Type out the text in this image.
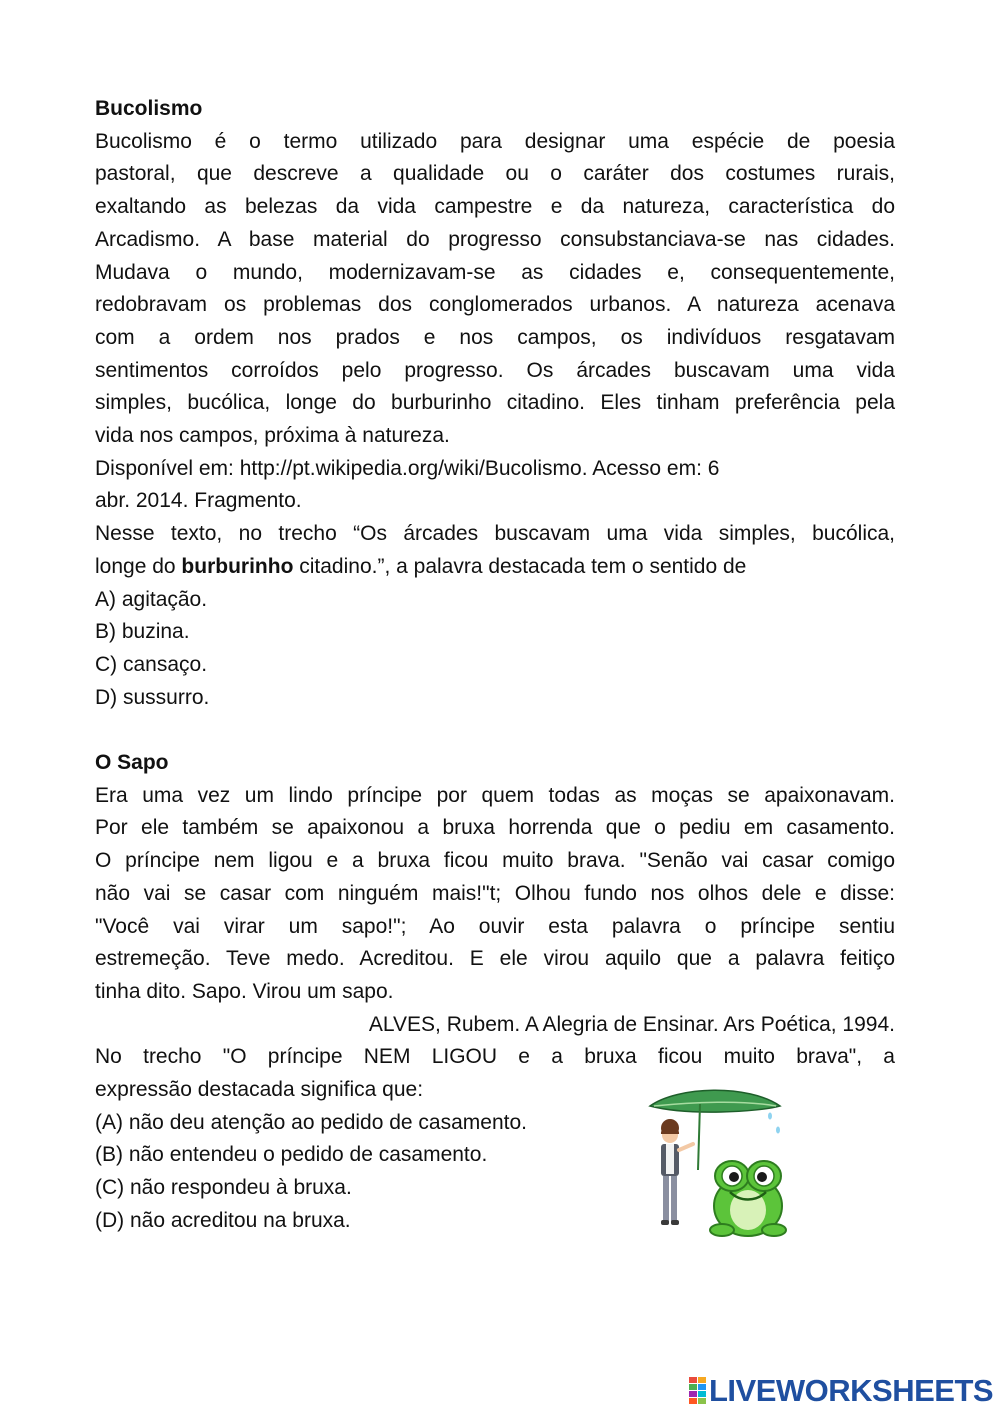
Bucolismo
Bucolismo é o termo utilizado para designar uma espécie de poesia
pastoral, que descreve a qualidade ou o caráter dos costumes rurais,
exaltando as belezas da vida campestre e da natureza, característica do
Arcadismo. A base material do progresso consubstanciava-se nas cidades.
Mudava o mundo, modernizavam-se as cidades e, consequentemente,
redobravam os problemas dos conglomerados urbanos. A natureza acenava
com a ordem nos prados e nos campos, os indivíduos resgatavam
sentimentos corroídos pelo progresso. Os árcades buscavam uma vida
simples, bucólica, longe do burburinho citadino. Eles tinham preferência pela
vida nos campos, próxima à natureza.
Disponível em: http://pt.wikipedia.org/wiki/Bucolismo. Acesso em: 6
abr. 2014. Fragmento.
Nesse texto, no trecho “Os árcades buscavam uma vida simples, bucólica,
longe do burburinho citadino.”, a palavra destacada tem o sentido de
A) agitação.
B) buzina.
C) cansaço.
D) sussurro.
O Sapo
Era uma vez um lindo príncipe por quem todas as moças se apaixonavam.
Por ele também se apaixonou a bruxa horrenda que o pediu em casamento.
O príncipe nem ligou e a bruxa ficou muito brava. "Senão vai casar comigo
não vai se casar com ninguém mais!"t; Olhou fundo nos olhos dele e disse:
"Você vai virar um sapo!"; Ao ouvir esta palavra o príncipe sentiu
estremeção. Teve medo. Acreditou. E ele virou aquilo que a palavra feitiço
tinha dito. Sapo. Virou um sapo.
ALVES, Rubem. A Alegria de Ensinar. Ars Poética, 1994.
No trecho "O príncipe NEM LIGOU e a bruxa ficou muito brava", a
expressão destacada significa que:
(A) não deu atenção ao pedido de casamento.
(B) não entendeu o pedido de casamento.
(C) não respondeu à bruxa.
(D) não acreditou na bruxa.
LIVEWORKSHEETS
